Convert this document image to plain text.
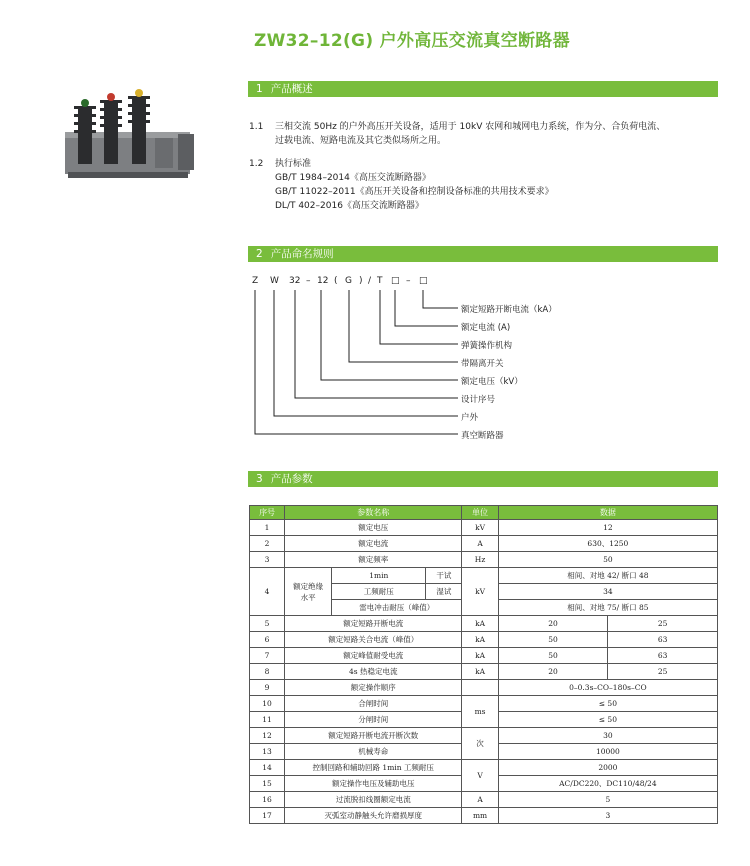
ZW32–12(G) 户外高压交流真空断路器
1 产品概述
1.1 三相交流 50Hz 的户外高压开关设备，适用于 10kV 农网和城网电力系统，作为分、合负荷电流、
过载电流、短路电流及其它类似场所之用。
1.2 执行标准
GB/T 1984–2014《高压交流断路器》
GB/T 11022–2011《高压开关设备和控制设备标准的共用技术要求》
DL/T 402–2016《高压交流断路器》
2 产品命名规则
Z W 32 – 12 ( G ) / T □ – □
额定短路开断电流（kA）
额定电流 (A)
弹簧操作机构
带隔离开关
额定电压（kV）
设计序号
户外
真空断路器
3 产品参数
序号	参数名称			单位	数据	
1	额定电压			kV	12	
2	额定电流			A	630、1250	
3	额定频率			Hz	50	
4	额定绝缘水平	1min	干试	kV	相间、对地 42/ 断口 48	
		工频耐压	湿试		34	
		雷电冲击耐压（峰值）			相间、对地 75/ 断口 85	
5	额定短路开断电流			kA	20	25
6	额定短路关合电流（峰值）			kA	50	63
7	额定峰值耐受电流			kA	50	63
8	4s 热稳定电流			kA	20	25
9	额定操作顺序				0–0.3s–CO–180s–CO	
10	合闸时间			ms	≤ 50	
11	分闸时间				≤ 50	
12	额定短路开断电流开断次数			次	30	
13	机械寿命				10000	
14	控制回路和辅助回路 1min 工频耐压			V	2000	
15	额定操作电压及辅助电压				AC/DC220、DC110/48/24	
16	过流脱扣线圈额定电流			A	5	
17	灭弧室动静触头允许磨损厚度			mm	3	
